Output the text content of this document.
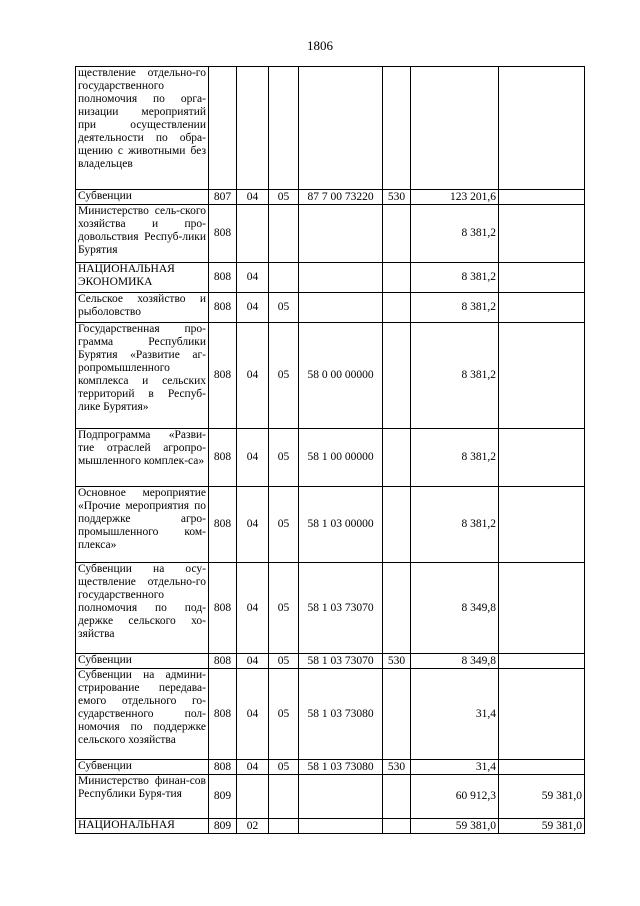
1806
ществление отдельно-го государственного полномочия по орга-низации мероприятий при осуществлении деятельности по обра-щению с животными без владельцев							
Субвенции	807	04	05	87 7 00 73220	530	123 201,6	
Министерство сель-ского хозяйства и про-довольствия Респуб-лики Бурятия	808					8 381,2	
НАЦИОНАЛЬНАЯ ЭКОНОМИКА	808	04				8 381,2	
Сельское хозяйство и рыболовство	808	04	05			8 381,2	
Государственная про-грамма Республики Бурятия «Развитие аг-ропромышленного комплекса и сельских территорий в Респуб-лике Бурятия»	808	04	05	58 0 00 00000		8 381,2	
Подпрограмма «Разви-тие отраслей агропро-мышленного комплек-са»	808	04	05	58 1 00 00000		8 381,2	
Основное мероприятие «Прочие мероприятия по поддержке агро-промышленного ком-плекса»	808	04	05	58 1 03 00000		8 381,2	
Субвенции на осу-ществление отдельно-го государственного полномочия по под-держке сельского хо-зяйства	808	04	05	58 1 03 73070		8 349,8	
Субвенции	808	04	05	58 1 03 73070	530	8 349,8	
Субвенции на админи-стрирование передава-емого отдельного го-сударственного пол-номочия по поддержке сельского хозяйства	808	04	05	58 1 03 73080		31,4	
Субвенции	808	04	05	58 1 03 73080	530	31,4	
Министерство финан-сов Республики Буря-тия	809					60 912,3	59 381,0
НАЦИОНАЛЬНАЯ	809	02				59 381,0	59 381,0
